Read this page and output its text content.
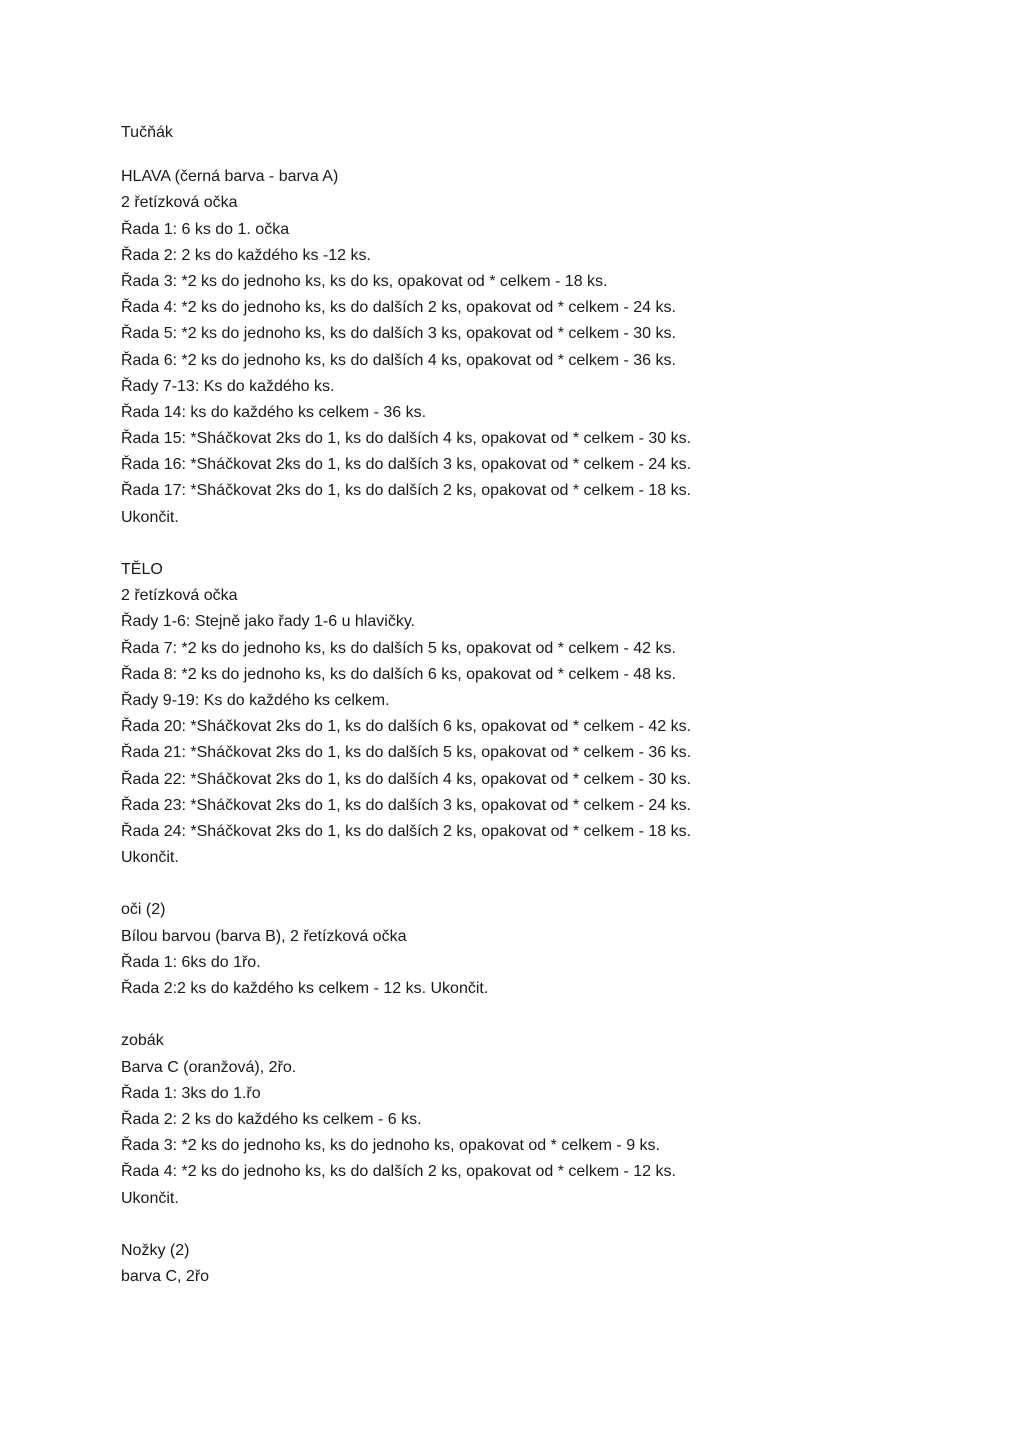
Tučňák
HLAVA (černá barva - barva A)
2 řetízková očka
Řada 1: 6 ks do 1. očka
Řada 2: 2 ks do každého ks -12 ks.
Řada 3: *2 ks do jednoho ks, ks do ks, opakovat od * celkem - 18 ks.
Řada 4: *2 ks do jednoho ks, ks do dalších 2 ks, opakovat od * celkem - 24 ks.
Řada 5: *2 ks do jednoho ks, ks do dalších 3 ks, opakovat od * celkem - 30 ks.
Řada 6: *2 ks do jednoho ks, ks do dalších 4 ks, opakovat od * celkem - 36 ks.
Řady 7-13: Ks do každého ks.
Řada 14: ks do každého ks celkem - 36 ks.
Řada 15: *Sháčkovat 2ks do 1, ks do dalších 4 ks, opakovat od * celkem - 30 ks.
Řada 16: *Sháčkovat 2ks do 1, ks do dalších 3 ks, opakovat od * celkem - 24 ks.
Řada 17: *Sháčkovat 2ks do 1, ks do dalších 2 ks, opakovat od * celkem - 18 ks.
Ukončit.
TĚLO
2 řetízková očka
Řady 1-6: Stejně jako řady 1-6 u hlavičky.
Řada 7: *2 ks do jednoho ks, ks do dalších 5 ks, opakovat od * celkem - 42 ks.
Řada 8: *2 ks do jednoho ks, ks do dalších 6 ks, opakovat od * celkem - 48 ks.
Řady 9-19: Ks do každého ks celkem.
Řada 20: *Sháčkovat 2ks do 1, ks do dalších 6 ks, opakovat od * celkem - 42 ks.
Řada 21: *Sháčkovat 2ks do 1, ks do dalších 5 ks, opakovat od * celkem - 36 ks.
Řada 22: *Sháčkovat 2ks do 1, ks do dalších 4 ks, opakovat od * celkem - 30 ks.
Řada 23: *Sháčkovat 2ks do 1, ks do dalších 3 ks, opakovat od * celkem - 24 ks.
Řada 24: *Sháčkovat 2ks do 1, ks do dalších 2 ks, opakovat od * celkem - 18 ks.
Ukončit.
oči (2)
Bílou barvou (barva B), 2 řetízková očka
Řada 1: 6ks do 1řo.
Řada 2:2 ks do každého ks celkem - 12 ks. Ukončit.
zobák
Barva C (oranžová), 2řo.
Řada 1: 3ks do 1.řo
Řada 2: 2 ks do každého ks celkem - 6 ks.
Řada 3: *2 ks do jednoho ks, ks do jednoho ks, opakovat od * celkem - 9 ks.
Řada 4: *2 ks do jednoho ks, ks do dalších 2 ks, opakovat od * celkem - 12 ks.
Ukončit.
Nožky (2)
barva C, 2řo
